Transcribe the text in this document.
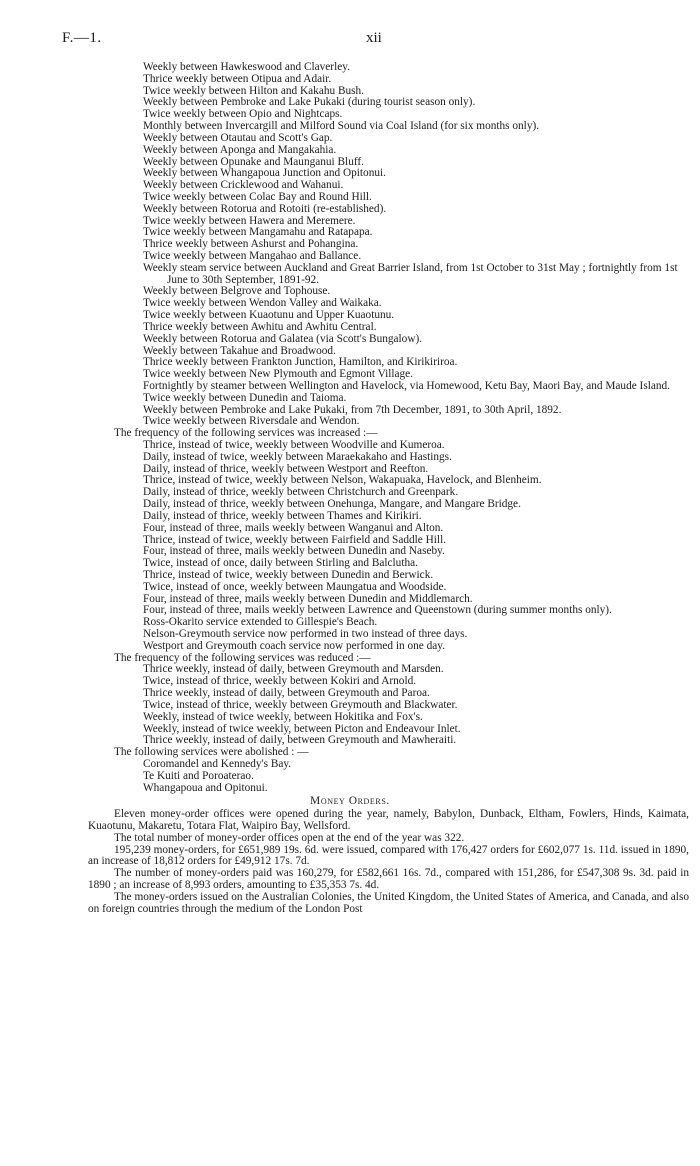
F.—1.	xii
Weekly between Hawkeswood and Claverley.
Thrice weekly between Otipua and Adair.
Twice weekly between Hilton and Kakahu Bush.
Weekly between Pembroke and Lake Pukaki (during tourist season only).
Twice weekly between Opio and Nightcaps.
Monthly between Invercargill and Milford Sound via Coal Island (for six months only).
Weekly between Otautau and Scott's Gap.
Weekly between Aponga and Mangakahia.
Weekly between Opunake and Maunganui Bluff.
Weekly between Whangapoua Junction and Opitonui.
Weekly between Cricklewood and Wahanui.
Twice weekly between Colac Bay and Round Hill.
Weekly between Rotorua and Rotoiti (re-established).
Twice weekly between Hawera and Meremere.
Twice weekly between Mangamahu and Ratapapa.
Thrice weekly between Ashurst and Pohangina.
Twice weekly between Mangahao and Ballance.
Weekly steam service between Auckland and Great Barrier Island, from 1st October to 31st May ; fortnightly from 1st June to 30th September, 1891-92.
Weekly between Belgrove and Tophouse.
Twice weekly between Wendon Valley and Waikaka.
Twice weekly between Kuaotunu and Upper Kuaotunu.
Thrice weekly between Awhitu and Awhitu Central.
Weekly between Rotorua and Galatea (via Scott's Bungalow).
Weekly between Takahue and Broadwood.
Thrice weekly between Frankton Junction, Hamilton, and Kirikiriroa.
Twice weekly between New Plymouth and Egmont Village.
Fortnightly by steamer between Wellington and Havelock, via Homewood, Ketu Bay, Maori Bay, and Maude Island.
Twice weekly between Dunedin and Taioma.
Weekly between Pembroke and Lake Pukaki, from 7th December, 1891, to 30th April, 1892.
Twice weekly between Riversdale and Wendon.
The frequency of the following services was increased :—
Thrice, instead of twice, weekly between Woodville and Kumeroa.
Daily, instead of twice, weekly between Maraekakaho and Hastings.
Daily, instead of thrice, weekly between Westport and Reefton.
Thrice, instead of twice, weekly between Nelson, Wakapuaka, Havelock, and Blenheim.
Daily, instead of thrice, weekly between Christchurch and Greenpark.
Daily, instead of thrice, weekly between Onehunga, Mangare, and Mangare Bridge.
Daily, instead of thrice, weekly between Thames and Kirikiri.
Four, instead of three, mails weekly between Wanganui and Alton.
Thrice, instead of twice, weekly between Fairfield and Saddle Hill.
Four, instead of three, mails weekly between Dunedin and Naseby.
Twice, instead of once, daily between Stirling and Balclutha.
Thrice, instead of twice, weekly between Dunedin and Berwick.
Twice, instead of once, weekly between Maungatua and Woodside.
Four, instead of three, mails weekly between Dunedin and Middlemarch.
Four, instead of three, mails weekly between Lawrence and Queenstown (during summer months only).
Ross-Okarito service extended to Gillespie's Beach.
Nelson-Greymouth service now performed in two instead of three days.
Westport and Greymouth coach service now performed in one day.
The frequency of the following services was reduced :—
Thrice weekly, instead of daily, between Greymouth and Marsden.
Twice, instead of thrice, weekly between Kokiri and Arnold.
Thrice weekly, instead of daily, between Greymouth and Paroa.
Twice, instead of thrice, weekly between Greymouth and Blackwater.
Weekly, instead of twice weekly, between Hokitika and Fox's.
Weekly, instead of twice weekly, between Picton and Endeavour Inlet.
Thrice weekly, instead of daily, between Greymouth and Mawheraiti.
The following services were abolished : —
Coromandel and Kennedy's Bay.
Te Kuiti and Poroaterao.
Whangapoua and Opitonui.
Money Orders.
Eleven money-order offices were opened during the year, namely, Babylon, Dunback, Eltham, Fowlers, Hinds, Kaimata, Kuaotunu, Makaretu, Totara Flat, Waipiro Bay, Wellsford.
The total number of money-order offices open at the end of the year was 322.
195,239 money-orders, for £651,989 19s. 6d. were issued, compared with 176,427 orders for £602,077 1s. 11d. issued in 1890, an increase of 18,812 orders for £49,912 17s. 7d.
The number of money-orders paid was 160,279, for £582,661 16s. 7d., compared with 151,286, for £547,308 9s. 3d. paid in 1890 ; an increase of 8,993 orders, amounting to £35,353 7s. 4d.
The money-orders issued on the Australian Colonies, the United Kingdom, the United States of America, and Canada, and also on foreign countries through the medium of the London Post
